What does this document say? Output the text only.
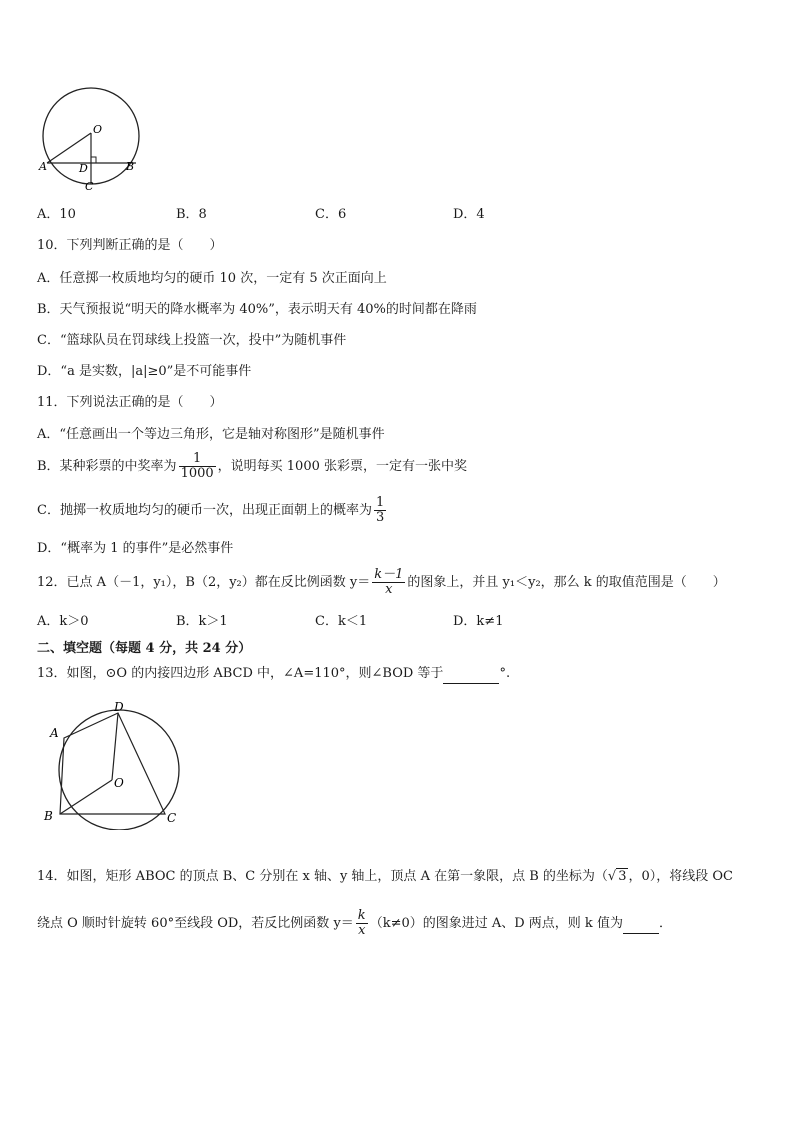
O
A	D	B
C
A．10	B．8	C．6	D．4
10．下列判断正确的是（　　）
A．任意掷一枚质地均匀的硬币 10 次，一定有 5 次正面向上
B．天气预报说“明天的降水概率为 40%”，表示明天有 40%的时间都在降雨
C．“篮球队员在罚球线上投篮一次，投中”为随机事件
D．“a 是实数，|a|≥0”是不可能事件
11．下列说法正确的是（　　）
A．“任意画出一个等边三角形，它是轴对称图形”是随机事件
B．某种彩票的中奖率为 $\frac{1}{1000}$ ，说明每买 1000 张彩票，一定有一张中奖
C．抛掷一枚质地均匀的硬币一次，出现正面朝上的概率为 $\frac{1}{3}$
D．“概率为 1 的事件”是必然事件
12．已点 A（－1，y₁），B（2，y₂）都在反比例函数 $y= \frac{k-1}{x}$ 的图象上，并且 y₁＜y₂，那么 k 的取值范围是（　　）
A．k＞0	B．k＞1	C．k＜1	D．k≠1
二、填空题（每题 4 分，共 24 分）
13．如图，⊙O 的内接四边形 ABCD 中，∠A=110°，则∠BOD 等于	°.
A
D
O
B	C
14．如图，矩形 ABOC 的顶点 B、C 分别在 x 轴、y 轴上，顶点 A 在第一象限，点 B 的坐标为（√ 3 ，0），将线段 OC
绕点 O 顺时针旋转 60°至线段 OD，若反比例函数 $y= \frac{k}{x} (k\ne 0)$的图象进过 A、D 两点，则 k 值为	．
